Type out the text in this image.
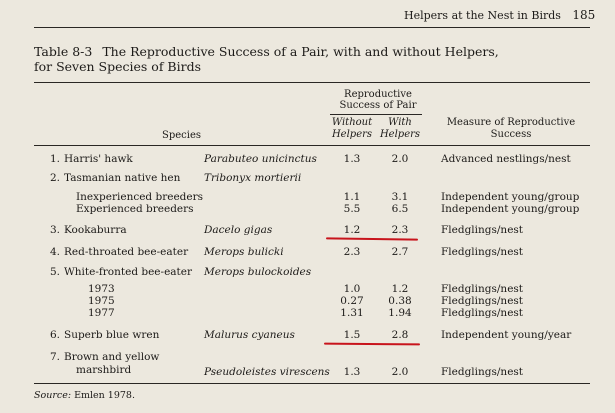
Helpers at the Nest in Birds 185
Table 8-3 The Reproductive Success of a Pair, with and without Helpers,
for Seven Species of Birds
Reproductive
Success of Pair
Without
Helpers
With
Helpers
Measure of Reproductive
Success
Species
1. Harris' hawk	Parabuteo unicinctus	1.3	2.0	Advanced nestlings/nest
2. Tasmanian native hen Tribonyx mortierii
Inexperienced breeders	1.1	3.1	Independent young/group
Experienced breeders	5.5	6.5	Independent young/group
3. Kookaburra	Dacelo gigas	1.2	2.3	Fledglings/nest
4. Red-throated bee-eater Merops bulicki	2.3	2.7	Fledglings/nest
5. White-fronted bee-eater Merops bulockoides
1973	1.0	1.2	Fledglings/nest
1975	0.27	0.38	Fledglings/nest
1977	1.31	1.94	Fledglings/nest
6. Superb blue wren	Malurus cyaneus	1.5	2.8	Independent young/year
7. Brown and yellow
marshbird	Pseudoleistes virescens	1.3	2.0	Fledglings/nest
Source: Emlen 1978.
